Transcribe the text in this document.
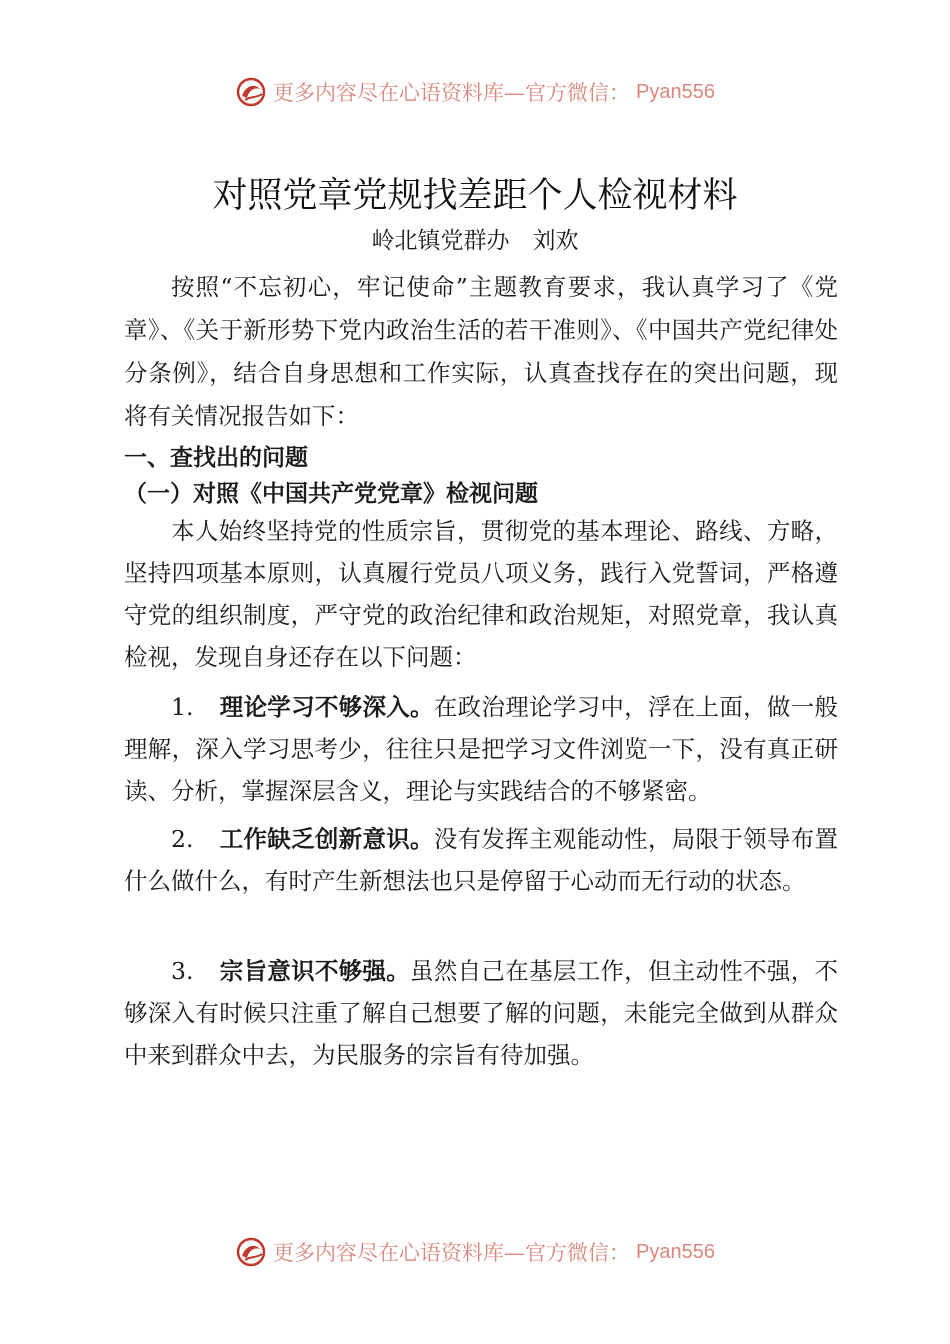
更多内容尽在心语资料库—官方微信： Pyan556
对照党章党规找差距个人检视材料
岭北镇党群办　刘欢

按照“不忘初心，牢记使命”主题教育要求，我认真学习了《党章》、《关于新形势下党内政治生活的若干准则》、《中国共产党纪律处分条例》，结合自身思想和工作实际，认真查找存在的突出问题，现将有关情况报告如下：

一、查找出的问题
（一）对照《中国共产党党章》检视问题

本人始终坚持党的性质宗旨，贯彻党的基本理论、路线、方略，坚持四项基本原则，认真履行党员八项义务，践行入党誓词，严格遵守党的组织制度，严守党的政治纪律和政治规矩，对照党章，我认真检视，发现自身还存在以下问题：

1. 理论学习不够深入。在政治理论学习中，浮在上面，做一般理解，深入学习思考少，往往只是把学习文件浏览一下，没有真正研读、分析，掌握深层含义，理论与实践结合的不够紧密。

2. 工作缺乏创新意识。没有发挥主观能动性，局限于领导布置什么做什么，有时产生新想法也只是停留于心动而无行动的状态。

3. 宗旨意识不够强。虽然自己在基层工作，但主动性不强，不够深入有时候只注重了解自己想要了解的问题，未能完全做到从群众中来到群众中去，为民服务的宗旨有待加强。

更多内容尽在心语资料库—官方微信： Pyan556
